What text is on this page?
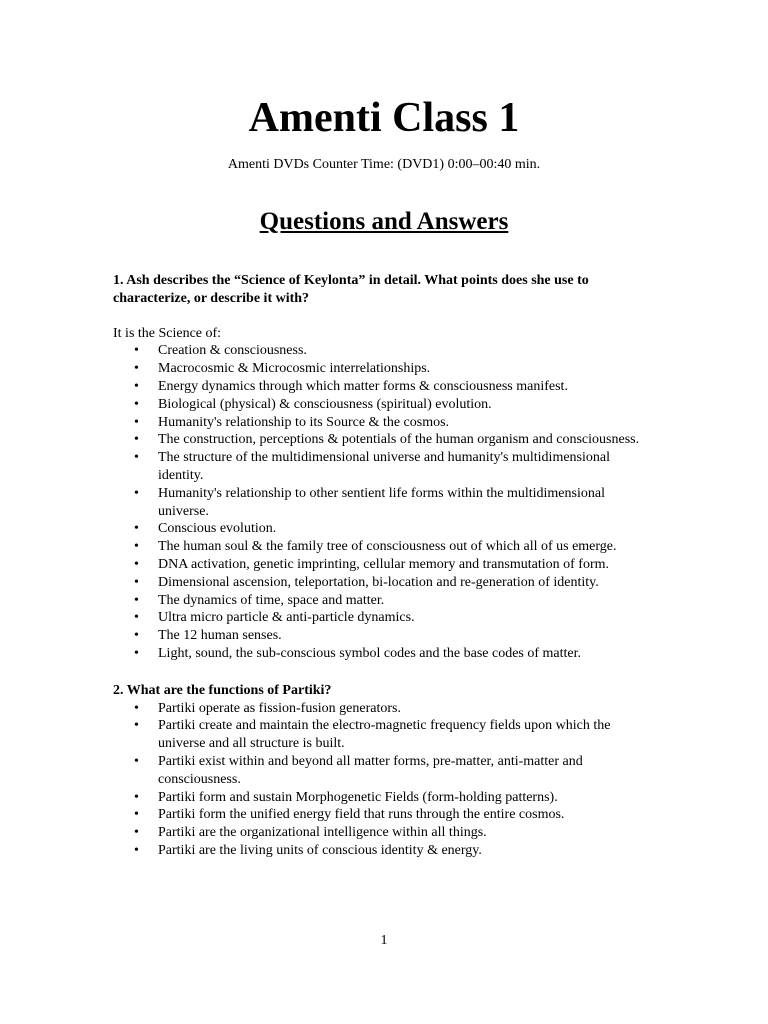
Amenti Class 1
Amenti DVDs Counter Time: (DVD1) 0:00–00:40 min.
Questions and Answers

1. Ash describes the “Science of Keylonta” in detail. What points does she use to characterize, or describe it with?

It is the Science of:

• Creation & consciousness.
• Macrocosmic & Microcosmic interrelationships.
• Energy dynamics through which matter forms & consciousness manifest.
• Biological (physical) & consciousness (spiritual) evolution.
• Humanity's relationship to its Source & the cosmos.
• The construction, perceptions & potentials of the human organism and consciousness.
• The structure of the multidimensional universe and humanity's multidimensional identity.
• Humanity's relationship to other sentient life forms within the multidimensional universe.
• Conscious evolution.
• The human soul & the family tree of consciousness out of which all of us emerge.
• DNA activation, genetic imprinting, cellular memory and transmutation of form.
• Dimensional ascension, teleportation, bi-location and re-generation of identity.
• The dynamics of time, space and matter.
• Ultra micro particle & anti-particle dynamics.
• The 12 human senses.
• Light, sound, the sub-conscious symbol codes and the base codes of matter.

2. What are the functions of Partiki?

• Partiki operate as fission-fusion generators.
• Partiki create and maintain the electro-magnetic frequency fields upon which the universe and all structure is built.
• Partiki exist within and beyond all matter forms, pre-matter, anti-matter and consciousness.
• Partiki form and sustain Morphogenetic Fields (form-holding patterns).
• Partiki form the unified energy field that runs through the entire cosmos.
• Partiki are the organizational intelligence within all things.
• Partiki are the living units of conscious identity & energy.
1
